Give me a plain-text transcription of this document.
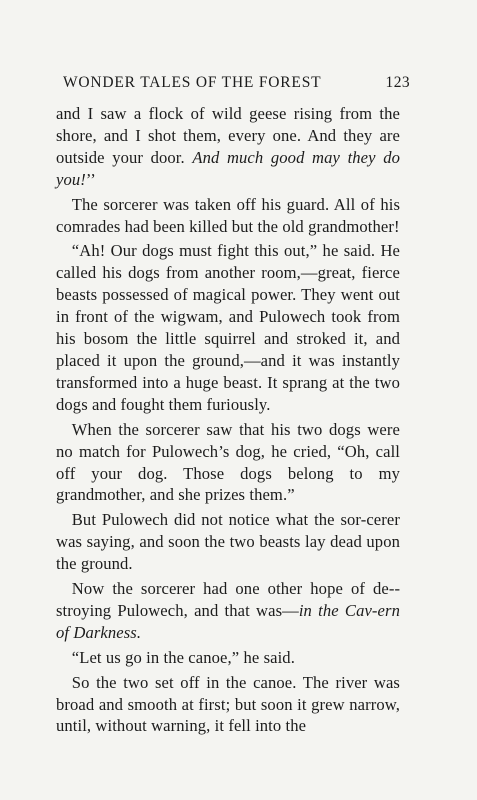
WONDER TALES OF THE FOREST	123

and I saw a flock of wild geese rising from the shore, and I shot them, every one. And they are outside your door. And much good may they do you!’’

The sorcerer was taken off his guard. All of his comrades had been killed but the old grandmother!

“Ah! Our dogs must fight this out,” he said. He called his dogs from another room,—great, fierce beasts possessed of magical power. They went out in front of the wigwam, and Pulowech took from his bosom the little squirrel and stroked it, and placed it upon the ground,—and it was instantly transformed into a huge beast. It sprang at the two dogs and fought them furiously.

When the sorcerer saw that his two dogs were no match for Pulowech’s dog, he cried, “Oh, call off your dog. Those dogs belong to my grandmother, and she prizes them.”

But Pulowech did not notice what the sor-cerer was saying, and soon the two beasts lay dead upon the ground.

Now the sorcerer had one other hope of de-stroying Pulowech, and that was—in the Cav-ern of Darkness.

“Let us go in the canoe,” he said.

So the two set off in the canoe. The river was broad and smooth at first; but soon it grew narrow, until, without warning, it fell into the
